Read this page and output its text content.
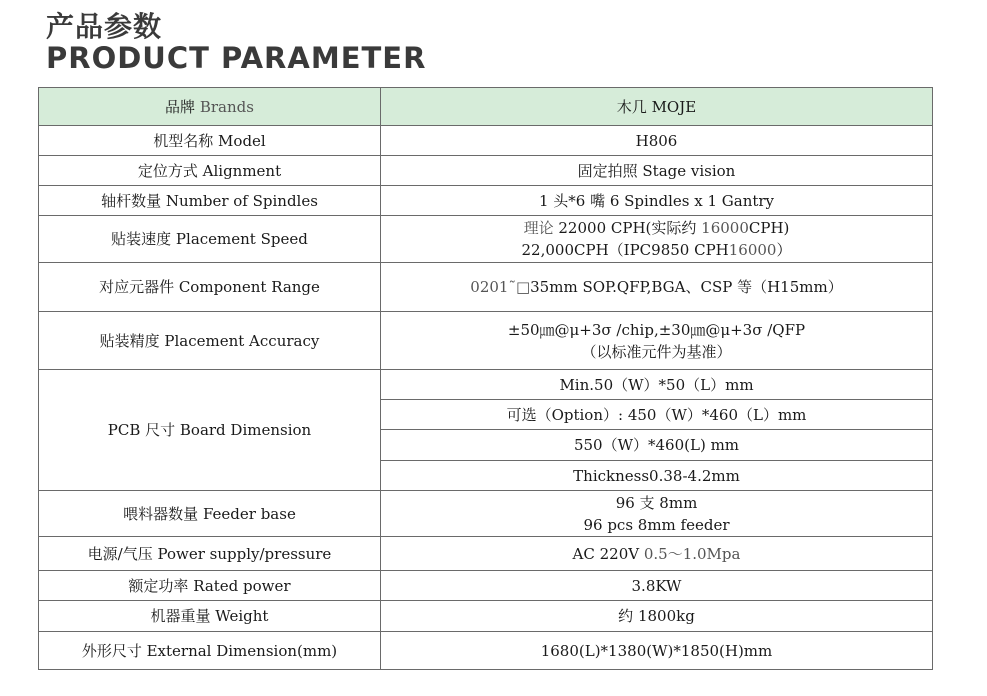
产品参数
PRODUCT PARAMETER
品牌 Brands	木几 MOJE
机型名称 Model	H806
定位方式 Alignment	固定拍照 Stage vision
轴杆数量 Number of Spindles	1 头*6 嘴 6 Spindles x 1 Gantry
贴装速度 Placement Speed	理论 22000 CPH(实际约 16000CPH)
22,000CPH（IPC9850 CPH16000）

对应元器件 Component Range	0201˜□35mm SOP.QFP,BGA、CSP 等（H15mm）
贴装精度 Placement Accuracy	±50㎛@μ+3σ /chip,±30㎛@μ+3σ /QFP
（以标准元件为基准）

PCB 尺寸 Board Dimension	Min.50（W）*50（L）mm
	可选（Option）: 450（W）*460（L）mm
	550（W）*460(L) mm
	Thickness0.38-4.2mm
喂料器数量 Feeder base	96 支 8mm
96 pcs 8mm feeder

电源/气压 Power supply/pressure	AC 220V 0.5～1.0Mpa
额定功率 Rated power	3.8KW
机器重量 Weight	约 1800kg
外形尺寸 External Dimension(mm)	1680(L)*1380(W)*1850(H)mm
